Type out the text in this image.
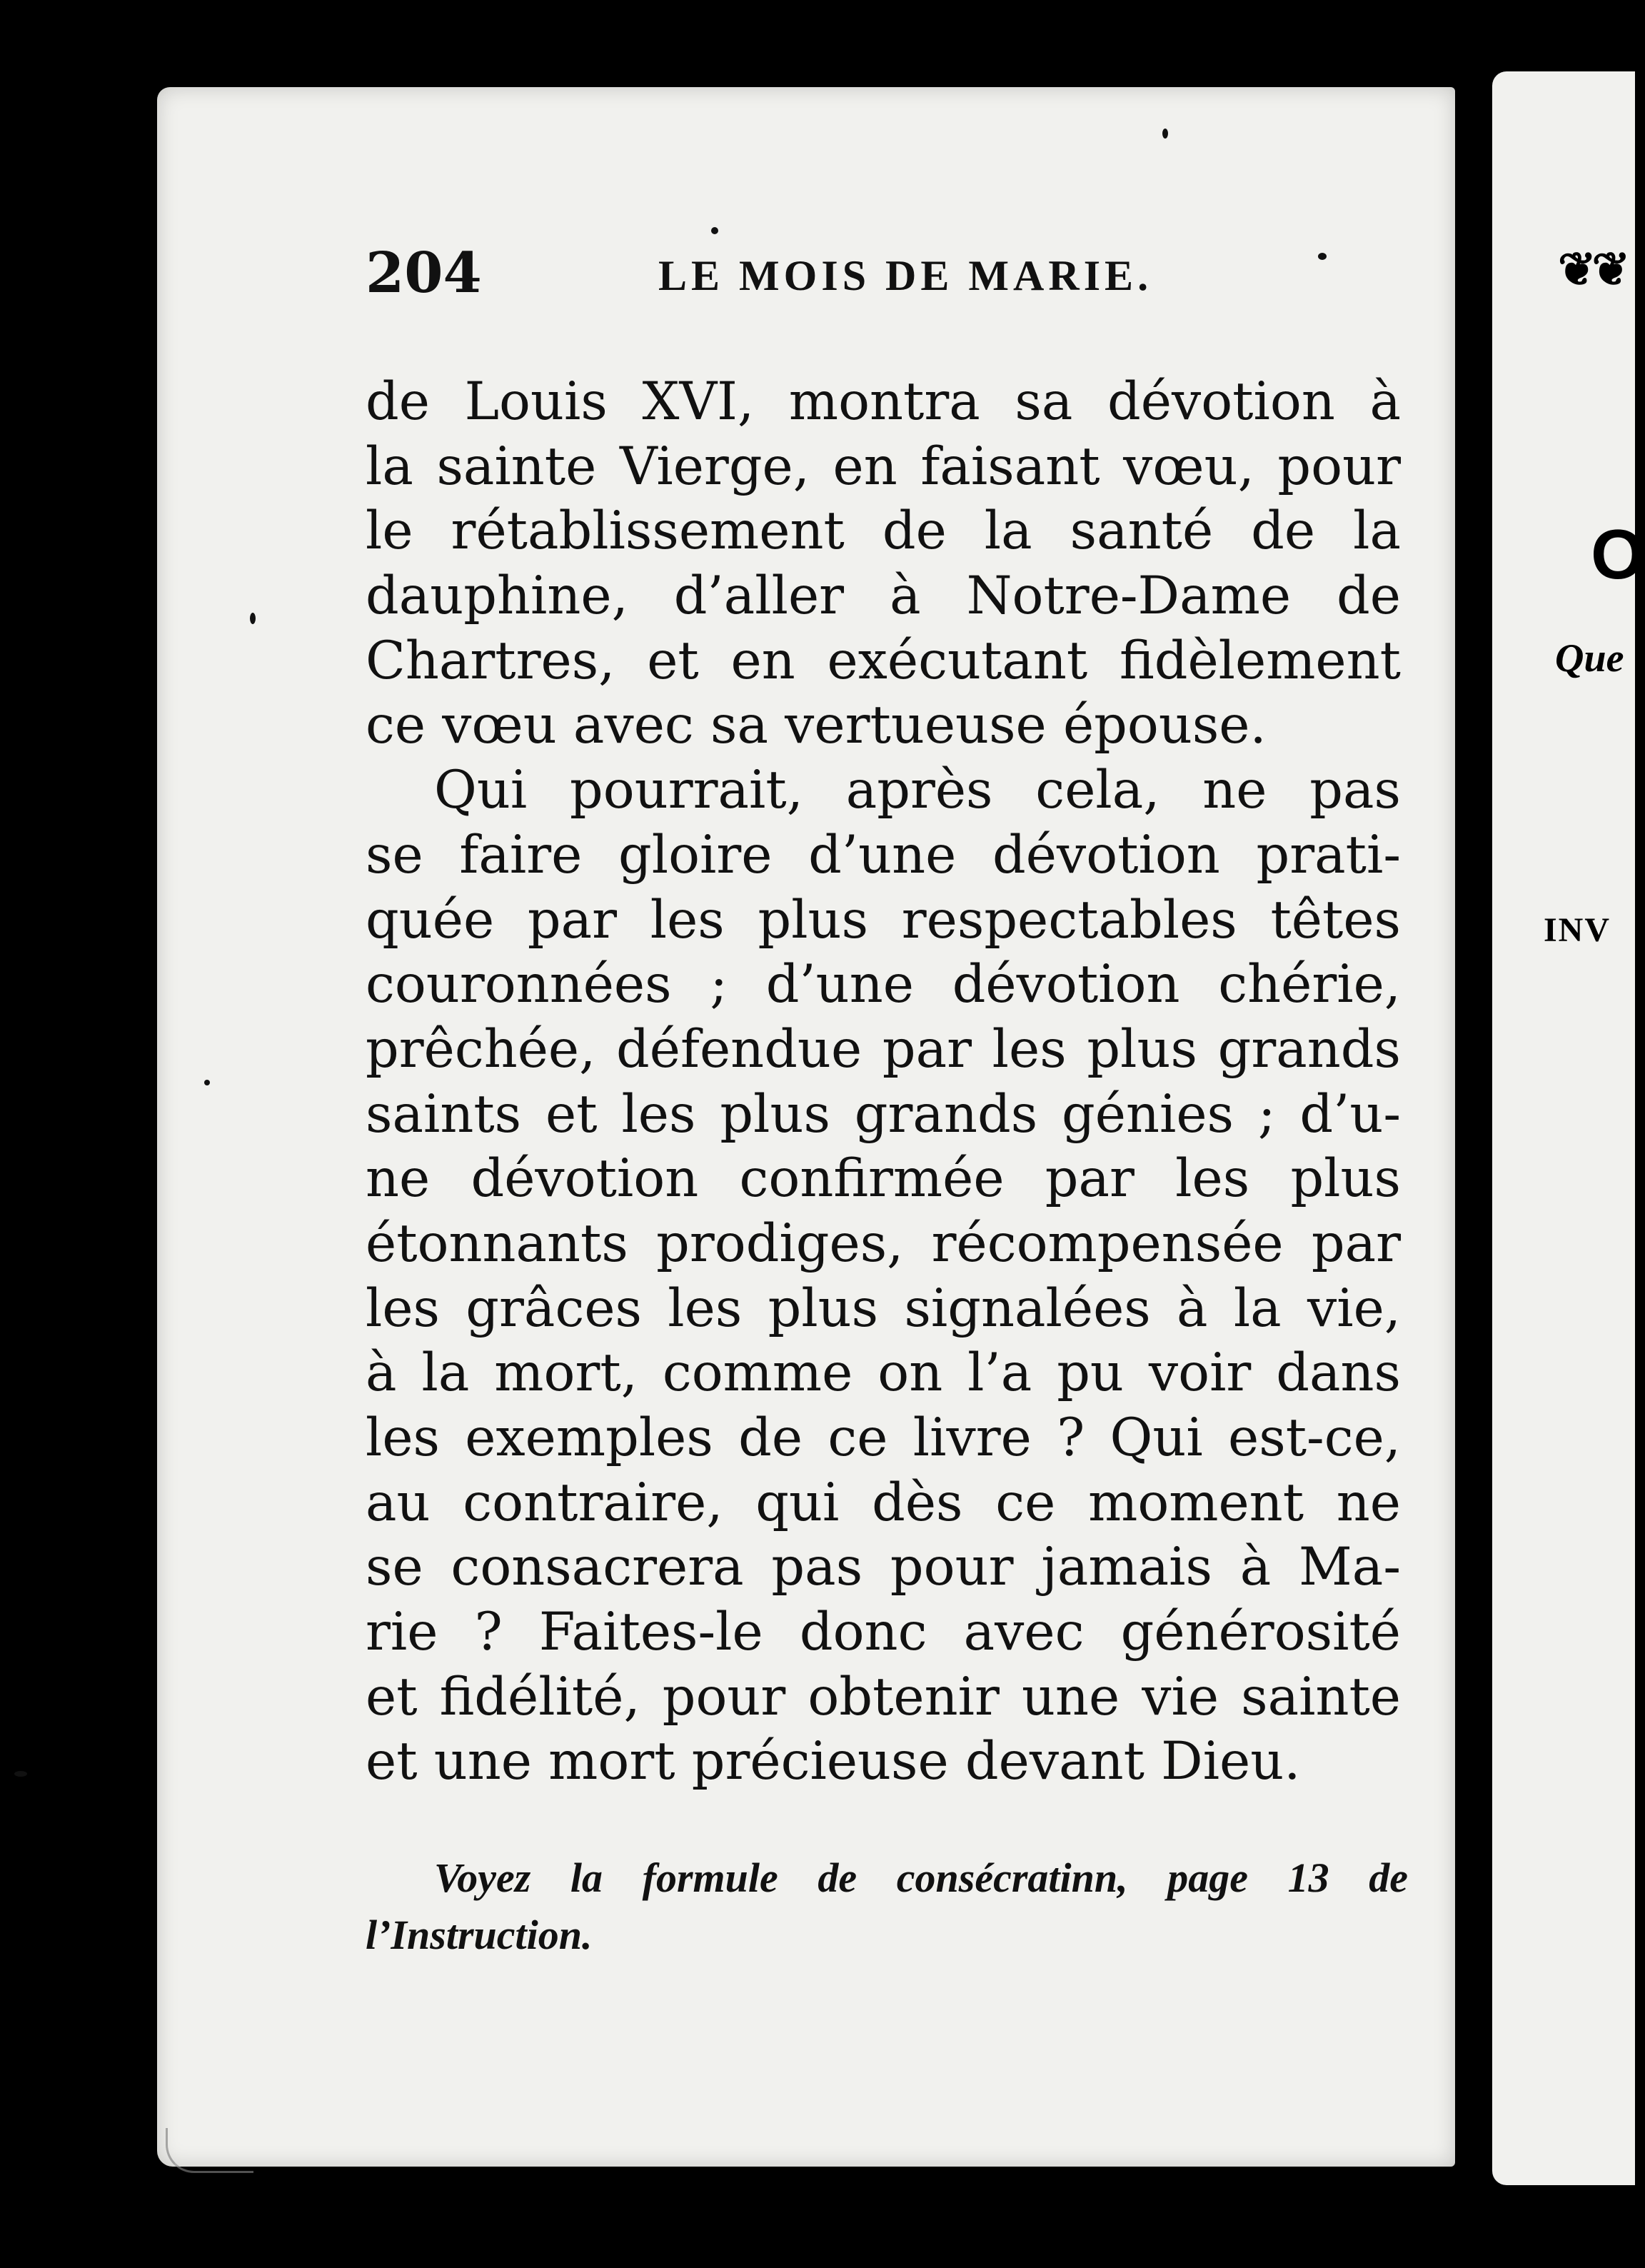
❦❦
O
Que
INV
204	LE MOIS DE MARIE.
de Louis XVI, montra sa dévotion à
la sainte Vierge, en faisant vœu, pour
le rétablissement de la santé de la
dauphine, d’aller à Notre-Dame de
Chartres, et en exécutant fidèlement
ce vœu avec sa vertueuse épouse.
Qui pourrait, après cela, ne pas
se faire gloire d’une dévotion prati-
quée par les plus respectables têtes
couronnées ; d’une dévotion chérie,
prêchée, défendue par les plus grands
saints et les plus grands génies ; d’u-
ne dévotion confirmée par les plus
étonnants prodiges, récompensée par
les grâces les plus signalées à la vie,
à la mort, comme on l’a pu voir dans
les exemples de ce livre ? Qui est-ce,
au contraire, qui dès ce moment ne
se consacrera pas pour jamais à Ma-
rie ? Faites-le donc avec générosité
et fidélité, pour obtenir une vie sainte
et une mort précieuse devant Dieu.
Voyez la formule de consécratinn, page 13 de
l’Instruction.
